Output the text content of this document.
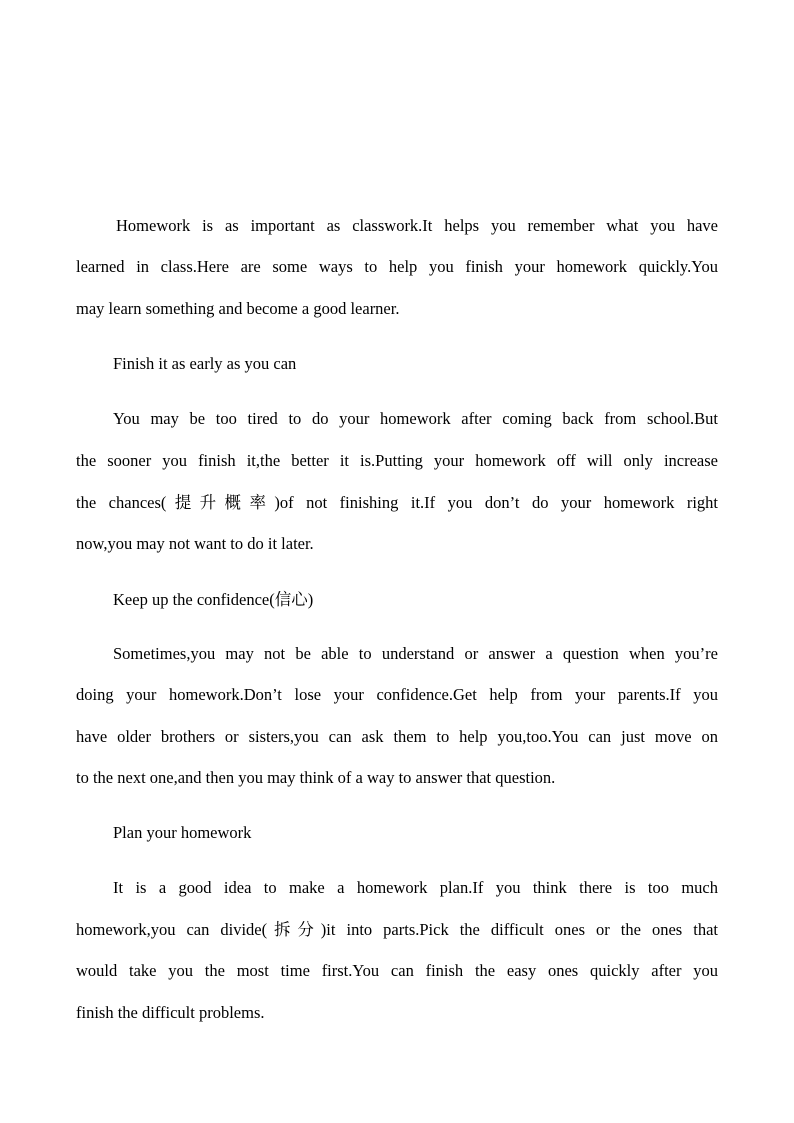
Homework is as important as classwork.It helps you remember what you have
learned in class.Here are some ways to help you finish your homework quickly.You
may learn something and become a good learner.
Finish it as early as you can
You may be too tired to do your homework after coming back from school.But
the sooner you finish it,the better it is.Putting your homework off will only increase
the chances(提升概率)of not finishing it.If you don’t do your homework right
now,you may not want to do it later.
Keep up the confidence(信心)
Sometimes,you may not be able to understand or answer a question when you’re
doing your homework.Don’t lose your confidence.Get help from your parents.If you
have older brothers or sisters,you can ask them to help you,too.You can just move on
to the next one,and then you may think of a way to answer that question.
Plan your homework
It is a good idea to make a homework plan.If you think there is too much
homework,you can divide(拆分)it into parts.Pick the difficult ones or the ones that
would take you the most time first.You can finish the easy ones quickly after you
finish the difficult problems.
